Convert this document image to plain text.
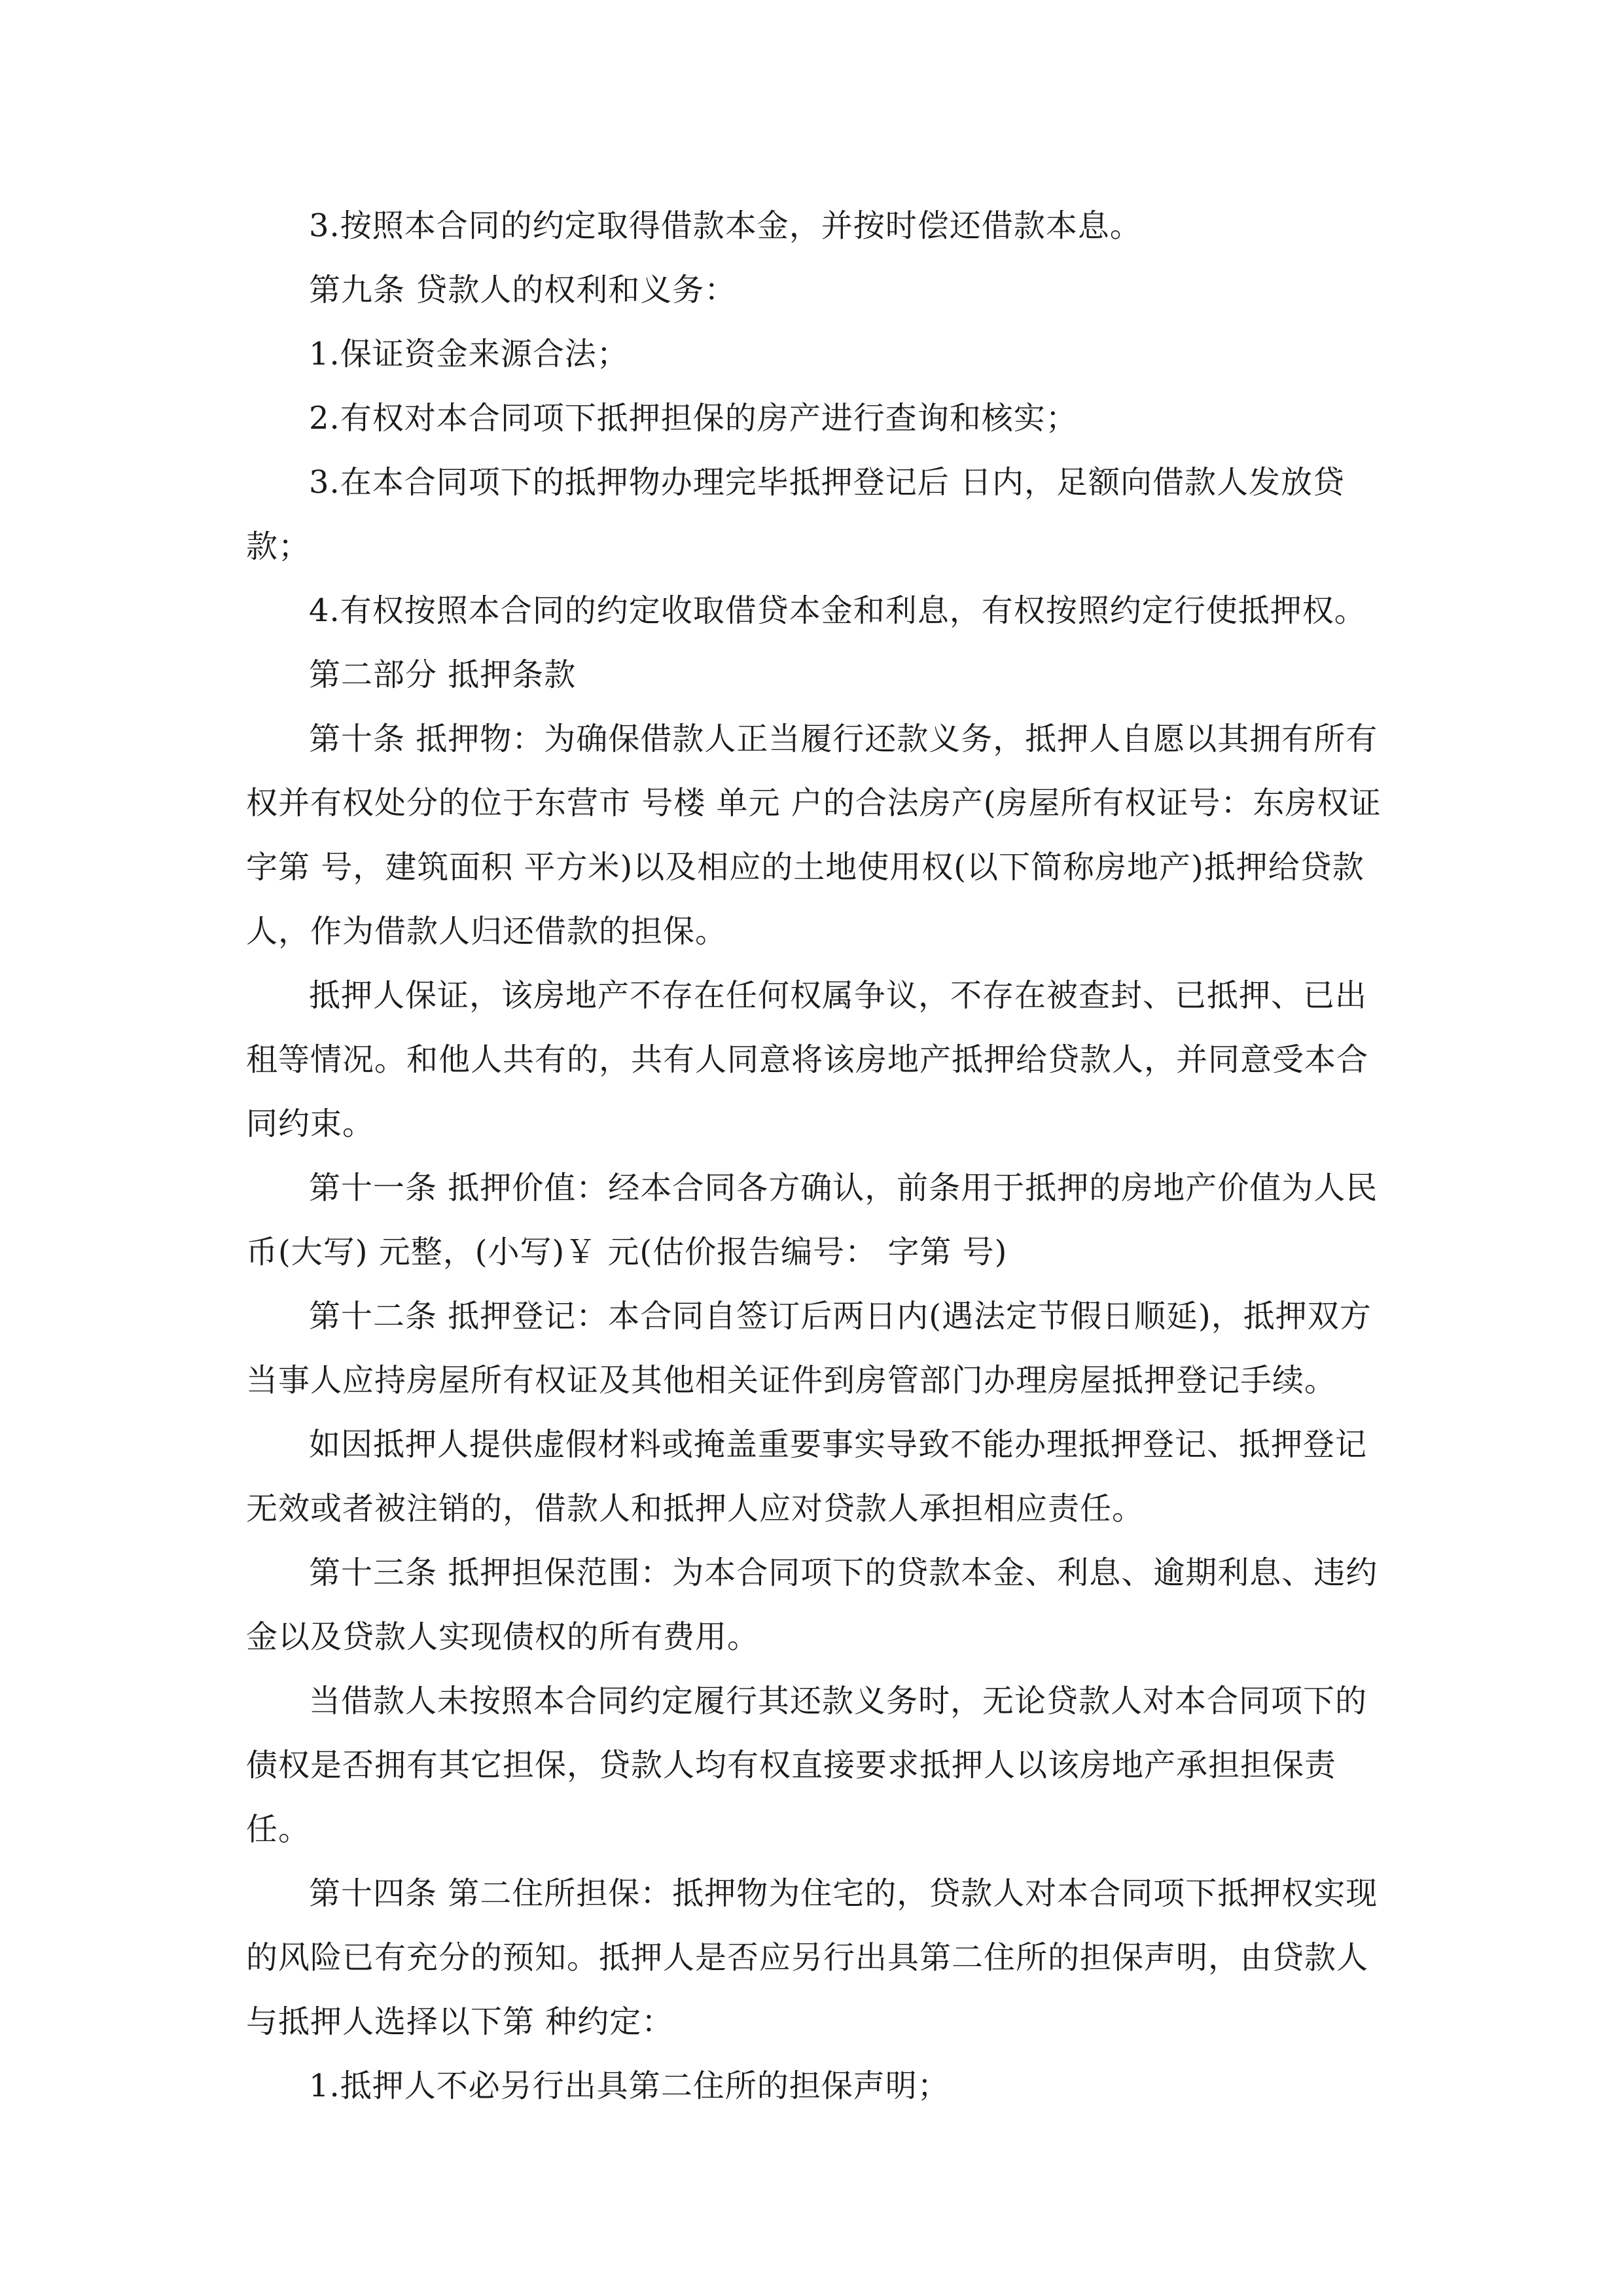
3.按照本合同的约定取得借款本金，并按时偿还借款本息。

第九条 贷款人的权利和义务：

1.保证资金来源合法；

2.有权对本合同项下抵押担保的房产进行查询和核实；

3.在本合同项下的抵押物办理完毕抵押登记后 日内，足额向借款人发放贷款；

4.有权按照本合同的约定收取借贷本金和利息，有权按照约定行使抵押权。

第二部分 抵押条款

第十条 抵押物：为确保借款人正当履行还款义务，抵押人自愿以其拥有所有权并有权处分的位于东营市 号楼 单元 户的合法房产(房屋所有权证号：东房权证 字第 号，建筑面积 平方米)以及相应的土地使用权(以下简称房地产)抵押给贷款人，作为借款人归还借款的担保。

抵押人保证，该房地产不存在任何权属争议，不存在被查封、已抵押、已出租等情况。和他人共有的，共有人同意将该房地产抵押给贷款人，并同意受本合同约束。

第十一条 抵押价值：经本合同各方确认，前条用于抵押的房地产价值为人民币(大写) 元整，(小写)￥ 元(估价报告编号： 字第 号)

第十二条 抵押登记：本合同自签订后两日内(遇法定节假日顺延)，抵押双方当事人应持房屋所有权证及其他相关证件到房管部门办理房屋抵押登记手续。

如因抵押人提供虚假材料或掩盖重要事实导致不能办理抵押登记、抵押登记无效或者被注销的，借款人和抵押人应对贷款人承担相应责任。

第十三条 抵押担保范围：为本合同项下的贷款本金、利息、逾期利息、违约金以及贷款人实现债权的所有费用。

当借款人未按照本合同约定履行其还款义务时，无论贷款人对本合同项下的债权是否拥有其它担保，贷款人均有权直接要求抵押人以该房地产承担担保责任。

第十四条 第二住所担保：抵押物为住宅的，贷款人对本合同项下抵押权实现的风险已有充分的预知。抵押人是否应另行出具第二住所的担保声明，由贷款人与抵押人选择以下第 种约定：

1.抵押人不必另行出具第二住所的担保声明；
